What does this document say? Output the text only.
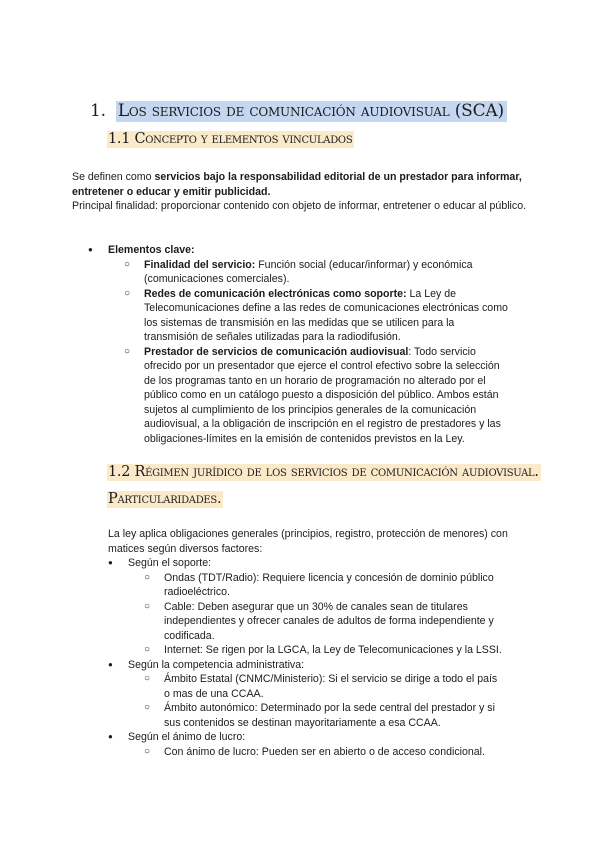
1. Los servicios de comunicación audiovisual (SCA)
1.1 Concepto y elementos vinculados
Se definen como servicios bajo la responsabilidad editorial de un prestador para informar, entretener o educar y emitir publicidad.
Principal finalidad: proporcionar contenido con objeto de informar, entretener o educar al público.
● Elementos clave:
○ Finalidad del servicio: Función social (educar/informar) y económica (comunicaciones comerciales).
○ Redes de comunicación electrónicas como soporte: La Ley de Telecomunicaciones define a las redes de comunicaciones electrónicas como los sistemas de transmisión en las medidas que se utilicen para la transmisión de señales utilizadas para la radiodifusión.
○ Prestador de servicios de comunicación audiovisual: Todo servicio ofrecido por un presentador que ejerce el control efectivo sobre la selección de los programas tanto en un horario de programación no alterado por el público como en un catálogo puesto a disposición del público. Ambos están sujetos al cumplimiento de los principios generales de la comunicación audiovisual, a la obligación de inscripción en el registro de prestadores y las obligaciones-límites en la emisión de contenidos previstos en la Ley.
1.2 Régimen jurídico de los servicios de comunicación audiovisual.
Particularidades.
La ley aplica obligaciones generales (principios, registro, protección de menores) con matices según diversos factores:
● Según el soporte:
○ Ondas (TDT/Radio): Requiere licencia y concesión de dominio público radioeléctrico.
○ Cable: Deben asegurar que un 30% de canales sean de titulares independientes y ofrecer canales de adultos de forma independiente y codificada.
○ Internet: Se rigen por la LGCA, la Ley de Telecomunicaciones y la LSSI.
● Según la competencia administrativa:
○ Ámbito Estatal (CNMC/Ministerio): Si el servicio se dirige a todo el país o mas de una CCAA.
○ Ámbito autonómico: Determinado por la sede central del prestador y si sus contenidos se destinan mayoritariamente a esa CCAA.
● Según el ánimo de lucro:
○ Con ánimo de lucro: Pueden ser en abierto o de acceso condicional.
